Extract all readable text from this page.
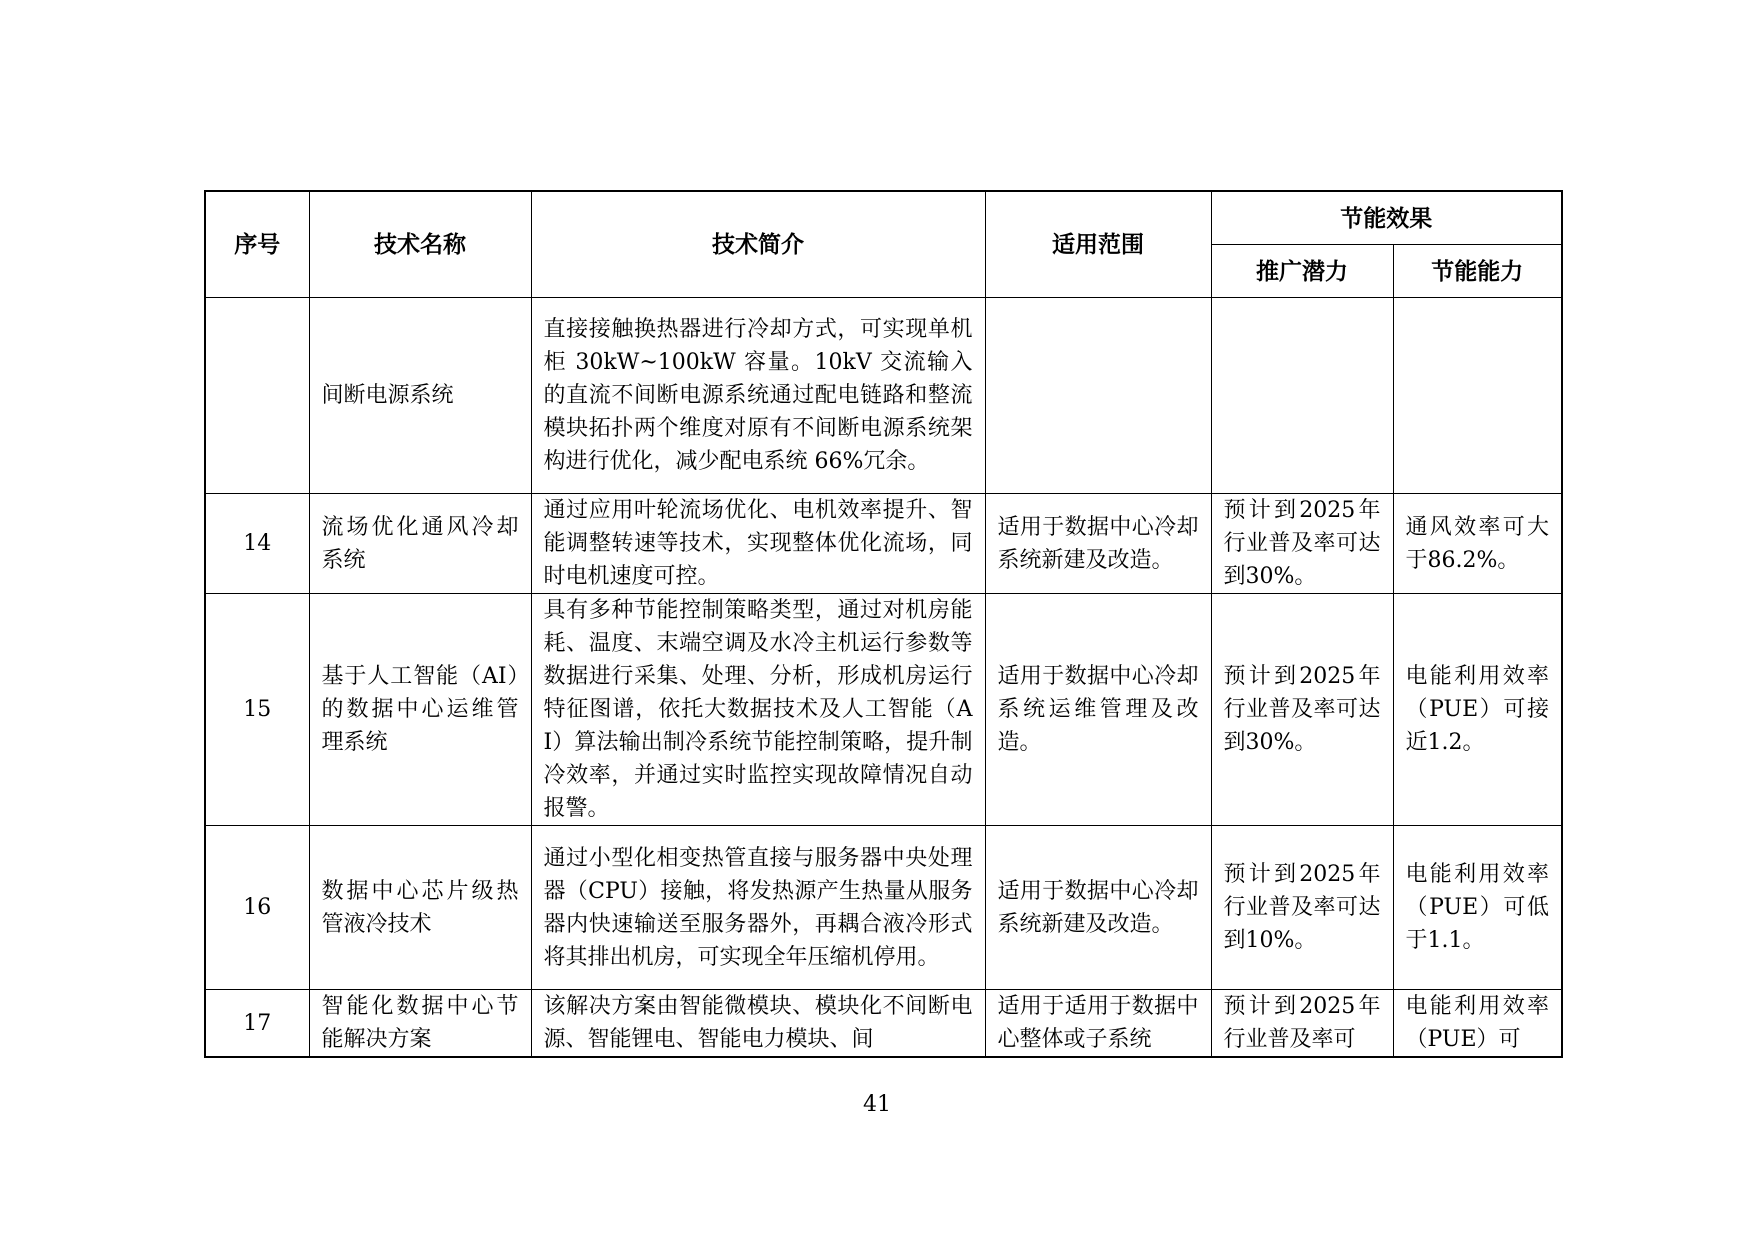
序号	技术名称	技术简介	适用范围	节能效果	
				推广潜力	节能能力
	间断电源系统	直接接触换热器进行冷却方式，可实现单机柜 30kW~100kW 容量。10kV 交流输入的直流不间断电源系统通过配电链路和整流模块拓扑两个维度对原有不间断电源系统架构进行优化，减少配电系统 66%冗余。			
14	流场优化通风冷却系统	通过应用叶轮流场优化、电机效率提升、智能调整转速等技术，实现整体优化流场，同时电机速度可控。	适用于数据中心冷却系统新建及改造。	预计到2025年行业普及率可达到30%。	通风效率可大于86.2%。
15	基于人工智能（AI）的数据中心运维管理系统	具有多种节能控制策略类型，通过对机房能耗、温度、末端空调及水冷主机运行参数等数据进行采集、处理、分析，形成机房运行特征图谱，依托大数据技术及人工智能（AI）算法输出制冷系统节能控制策略，提升制冷效率，并通过实时监控实现故障情况自动报警。	适用于数据中心冷却系统运维管理及改造。	预计到2025年行业普及率可达到30%。	电能利用效率（PUE）可接近1.2。
16	数据中心芯片级热管液冷技术	通过小型化相变热管直接与服务器中央处理器（CPU）接触，将发热源产生热量从服务器内快速输送至服务器外，再耦合液冷形式将其排出机房，可实现全年压缩机停用。	适用于数据中心冷却系统新建及改造。	预计到2025年行业普及率可达到10%。	电能利用效率（PUE）可低于1.1。
17	智能化数据中心节能解决方案	该解决方案由智能微模块、模块化不间断电源、智能锂电、智能电力模块、间	适用于适用于数据中心整体或子系统	预计到2025年行业普及率可	电能利用效率（PUE）可
41
